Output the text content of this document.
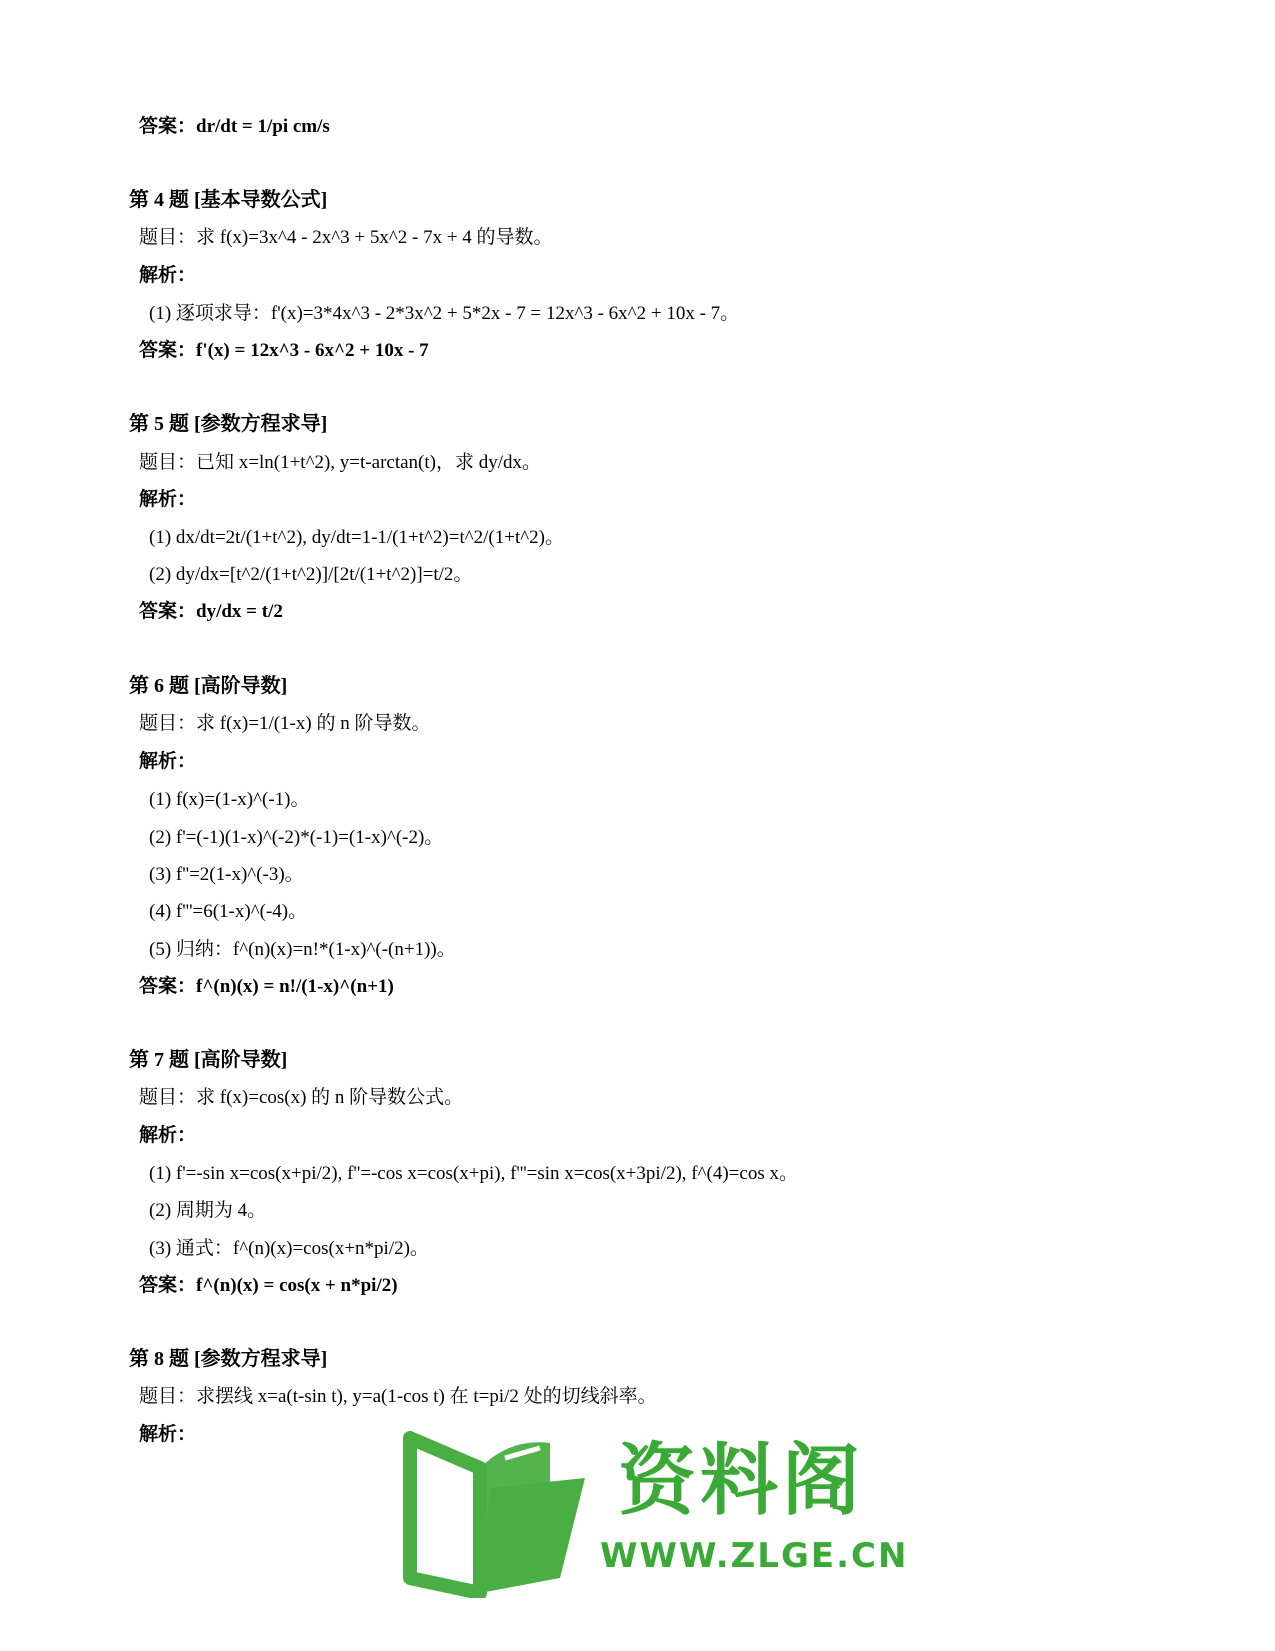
答案：dr/dt = 1/pi cm/s
第 4 题 [基本导数公式]
题目：求 f(x)=3x^4 - 2x^3 + 5x^2 - 7x + 4 的导数。
解析：
(1) 逐项求导：f'(x)=3*4x^3 - 2*3x^2 + 5*2x - 7 = 12x^3 - 6x^2 + 10x - 7。
答案：f'(x) = 12x^3 - 6x^2 + 10x - 7
第 5 题 [参数方程求导]
题目：已知 x=ln(1+t^2), y=t-arctan(t)，求 dy/dx。
解析：
(1) dx/dt=2t/(1+t^2), dy/dt=1-1/(1+t^2)=t^2/(1+t^2)。
(2) dy/dx=[t^2/(1+t^2)]/[2t/(1+t^2)]=t/2。
答案：dy/dx = t/2
第 6 题 [高阶导数]
题目：求 f(x)=1/(1-x) 的 n 阶导数。
解析：
(1) f(x)=(1-x)^(-1)。
(2) f'=(-1)(1-x)^(-2)*(-1)=(1-x)^(-2)。
(3) f''=2(1-x)^(-3)。
(4) f'''=6(1-x)^(-4)。
(5) 归纳：f^(n)(x)=n!*(1-x)^(-(n+1))。
答案：f^(n)(x) = n!/(1-x)^(n+1)
第 7 题 [高阶导数]
题目：求 f(x)=cos(x) 的 n 阶导数公式。
解析：
(1) f'=-sin x=cos(x+pi/2), f''=-cos x=cos(x+pi), f'''=sin x=cos(x+3pi/2), f^(4)=cos x。
(2) 周期为 4。
(3) 通式：f^(n)(x)=cos(x+n*pi/2)。
答案：f^(n)(x) = cos(x + n*pi/2)
第 8 题 [参数方程求导]
题目：求摆线 x=a(t-sin t), y=a(1-cos t) 在 t=pi/2 处的切线斜率。
解析：
资料阁
WWW.ZLGE.CN
